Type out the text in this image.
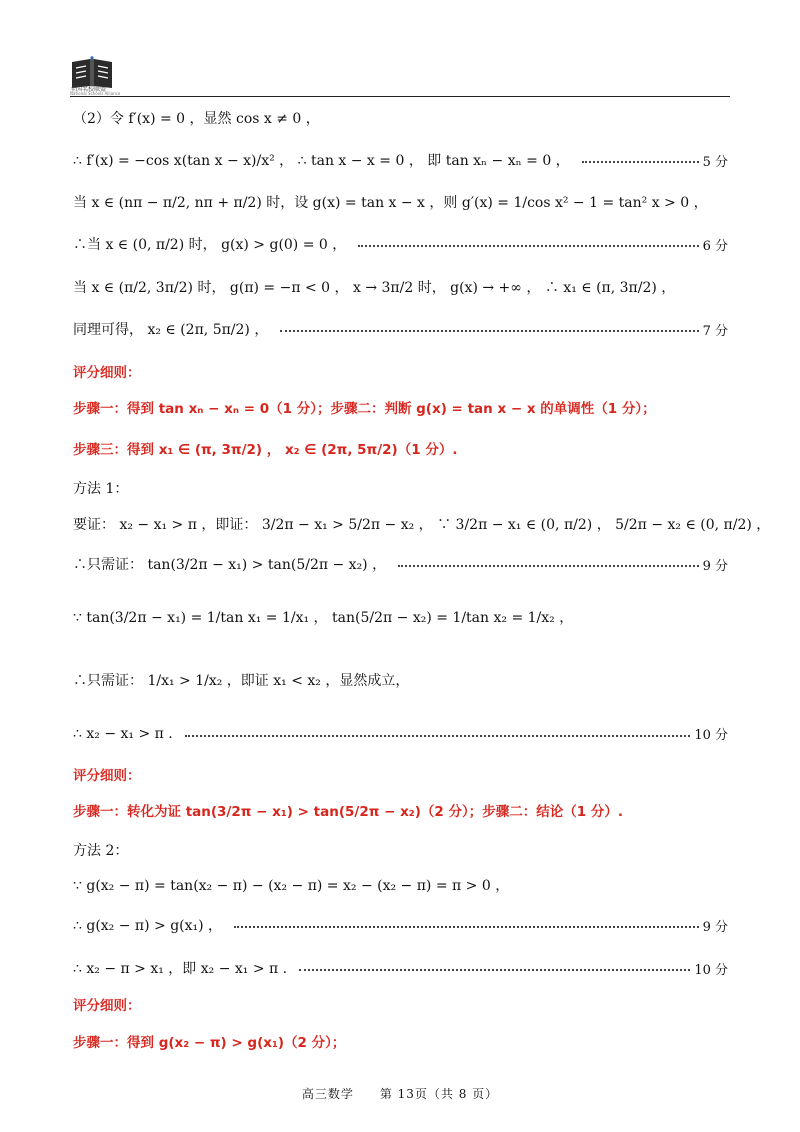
全国名校联盟
National Schools Alliance
（2）令 f′(x) = 0 ，显然 cos x ≠ 0 ，
∴ f′(x) = −cos x(tan x − x)/x² ， ∴ tan x − x = 0 ， 即 tan xₙ − xₙ = 0 ，	5 分
当 x ∈ (nπ − π/2, nπ + π/2) 时，设 g(x) = tan x − x ，则 g′(x) = 1/cos x² − 1 = tan² x > 0 ，
∴当 x ∈ (0, π/2) 时， g(x) > g(0) = 0 ，	6 分
当 x ∈ (π/2, 3π/2) 时， g(π) = −π < 0 ， x → 3π/2 时， g(x) → +∞ ， ∴ x₁ ∈ (π, 3π/2) ，
同理可得， x₂ ∈ (2π, 5π/2) ，	7 分
评分细则：
步骤一：得到 tan xₙ − xₙ = 0（1 分）；步骤二：判断 g(x) = tan x − x 的单调性（1 分）；
步骤三：得到 x₁ ∈ (π, 3π/2) ， x₂ ∈ (2π, 5π/2)（1 分）.
方法 1：
要证： x₂ − x₁ > π ，即证： 3/2π − x₁ > 5/2π − x₂ ， ∵ 3/2π − x₁ ∈ (0, π/2) ， 5/2π − x₂ ∈ (0, π/2) ，
∴只需证： tan(3/2π − x₁) > tan(5/2π − x₂) ，	9 分
∵ tan(3/2π − x₁) = 1/tan x₁ = 1/x₁ ， tan(5/2π − x₂) = 1/tan x₂ = 1/x₂ ，
∴只需证： 1/x₁ > 1/x₂ ，即证 x₁ < x₂ ，显然成立，
∴ x₂ − x₁ > π .	10 分
评分细则：
步骤一：转化为证 tan(3/2π − x₁) > tan(5/2π − x₂)（2 分）；步骤二：结论（1 分）.
方法 2：
∵ g(x₂ − π) = tan(x₂ − π) − (x₂ − π) = x₂ − (x₂ − π) = π > 0 ，
∴ g(x₂ − π) > g(x₁) ，	9 分
∴ x₂ − π > x₁ ，即 x₂ − x₁ > π .	10 分
评分细则：
步骤一：得到 g(x₂ − π) > g(x₁)（2 分）；
高三数学　　第 13页（共 8 页）
